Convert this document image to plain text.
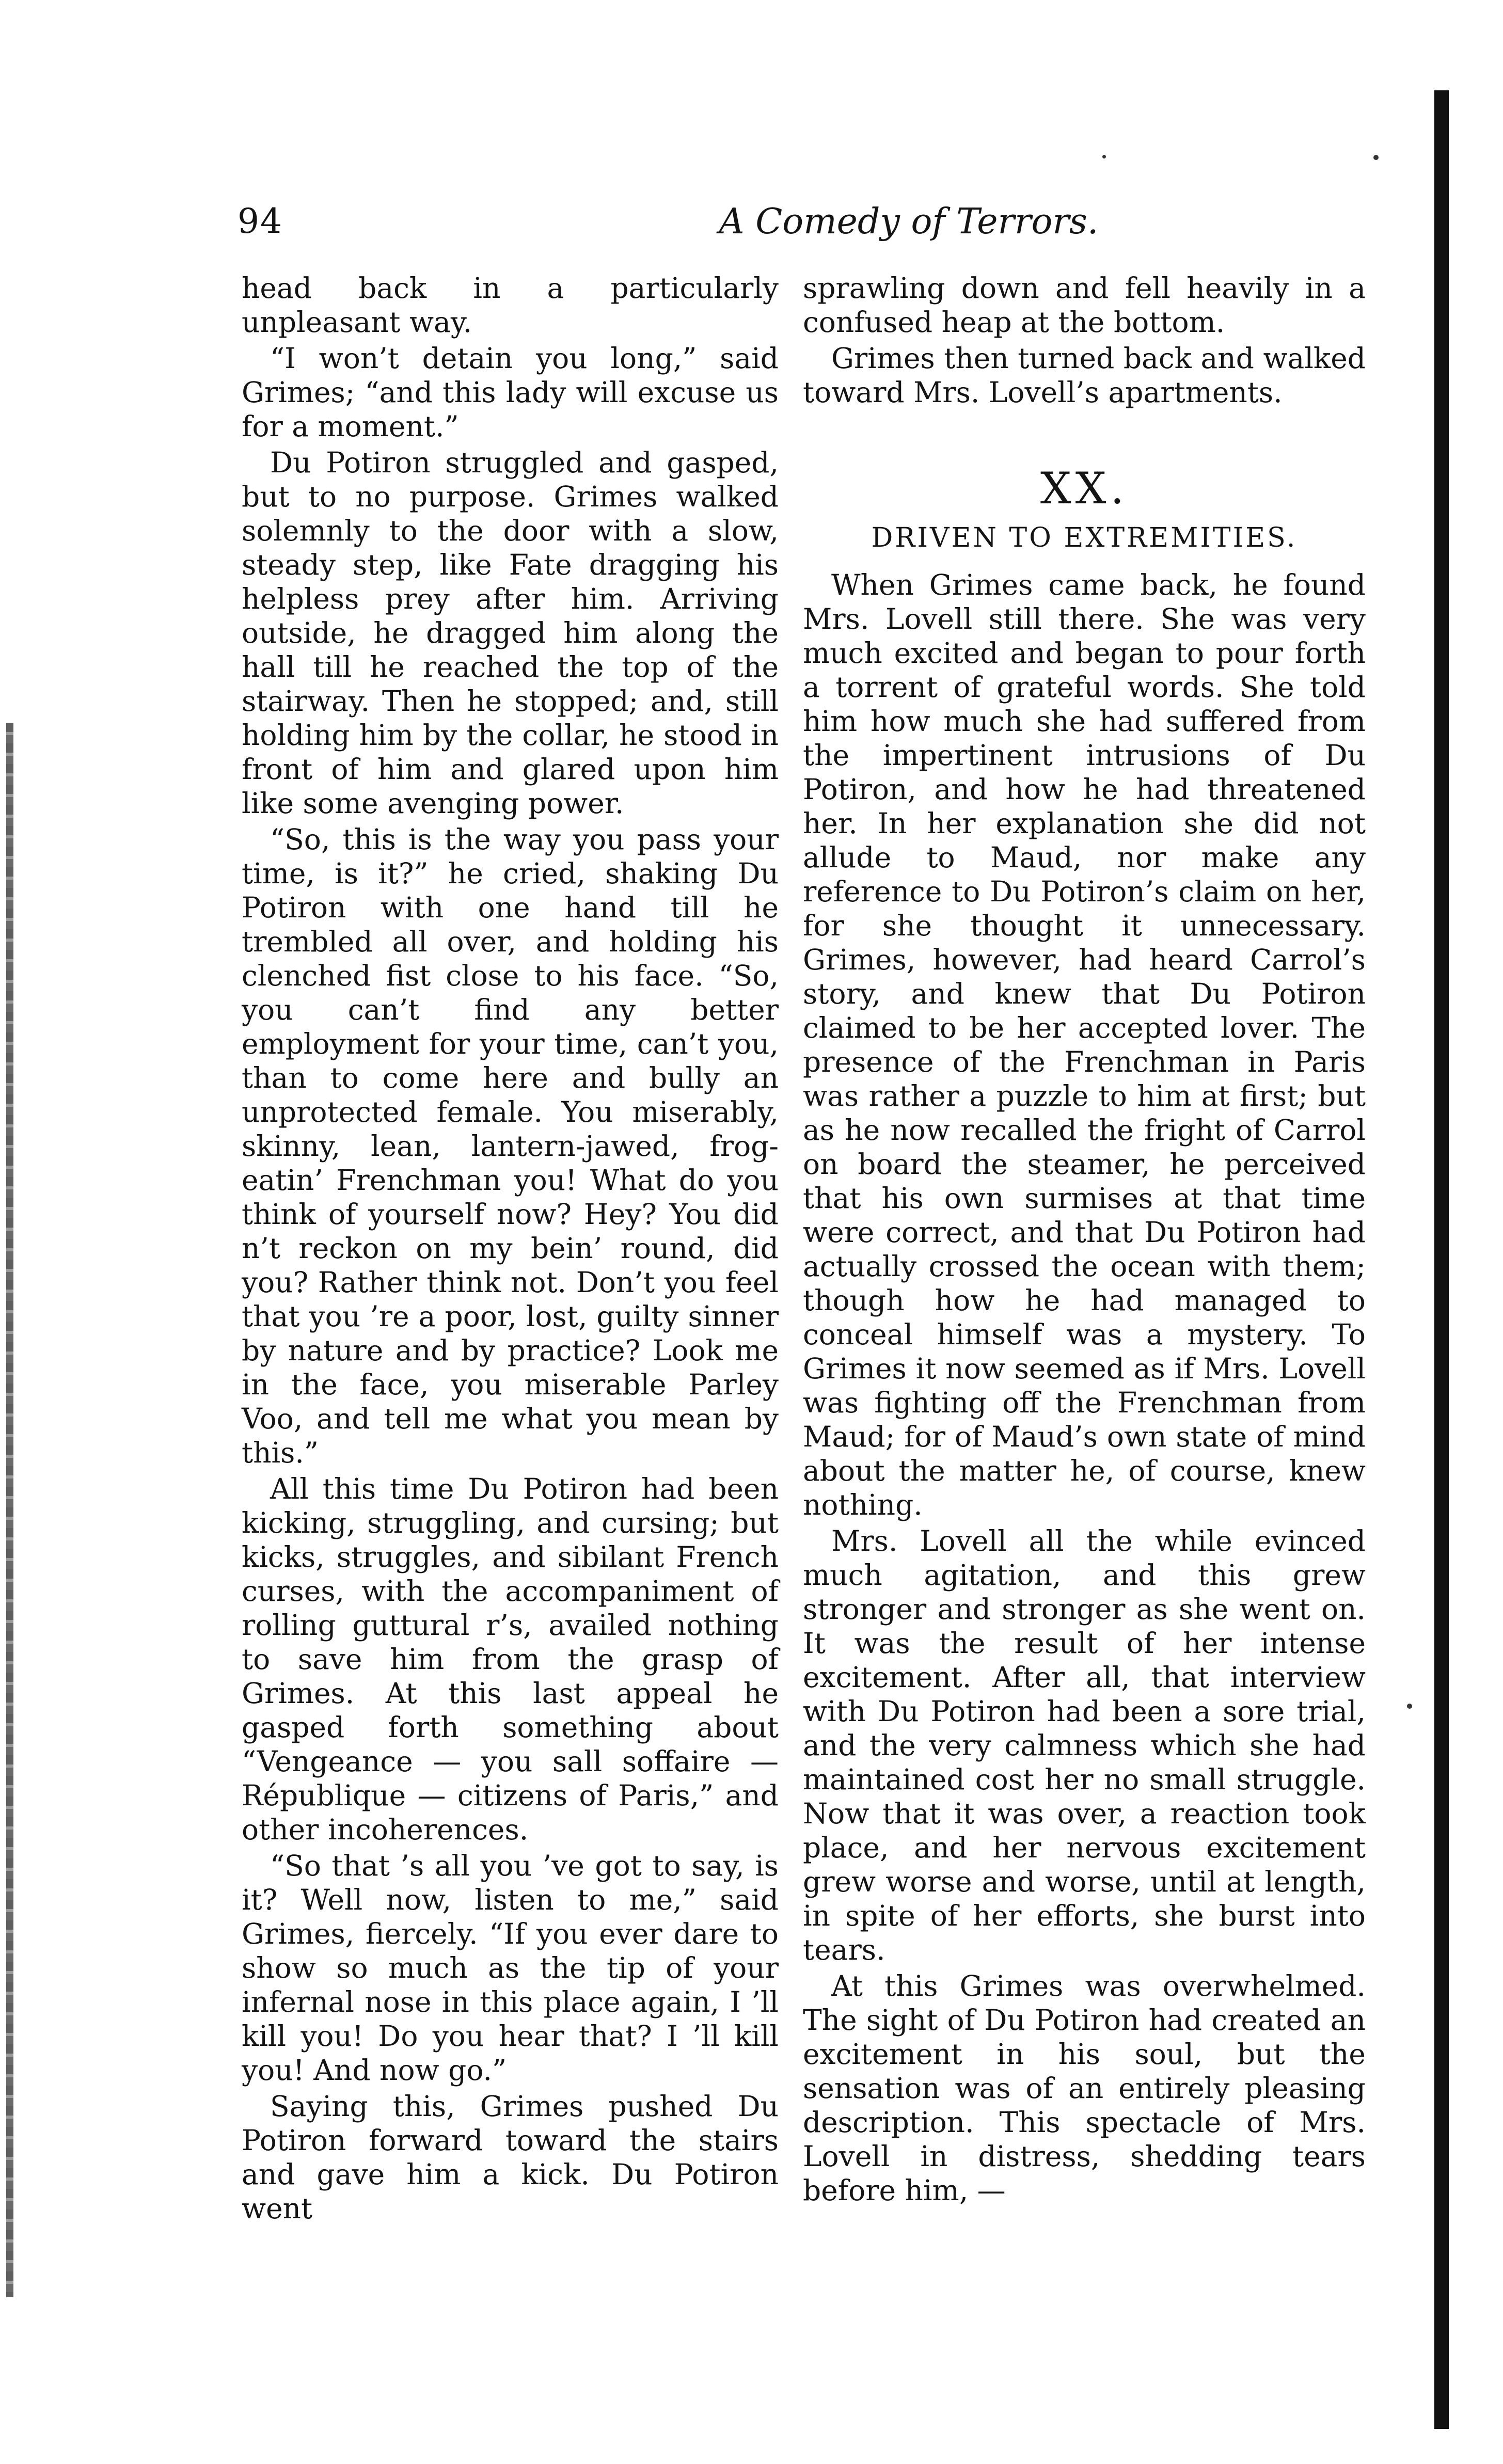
94	A Comedy of Terrors.

head back in a particularly unpleasant way.

“I won’t detain you long,” said Grimes; “and this lady will excuse us for a moment.”

Du Potiron struggled and gasped, but to no purpose. Grimes walked solemnly to the door with a slow, steady step, like Fate dragging his helpless prey after him. Arriving outside, he dragged him along the hall till he reached the top of the stairway. Then he stopped; and, still holding him by the collar, he stood in front of him and glared upon him like some avenging power.

“So, this is the way you pass your time, is it?” he cried, shaking Du Potiron with one hand till he trembled all over, and holding his clenched fist close to his face. “So, you can’t find any better employment for your time, can’t you, than to come here and bully an unprotected female. You miserably, skinny, lean, lantern-jawed, frog-eatin’ Frenchman you! What do you think of yourself now? Hey? You did n’t reckon on my bein’ round, did you? Rather think not. Don’t you feel that you ’re a poor, lost, guilty sinner by nature and by practice? Look me in the face, you miserable Parley Voo, and tell me what you mean by this.”

All this time Du Potiron had been kicking, struggling, and cursing; but kicks, struggles, and sibilant French curses, with the accompaniment of rolling guttural r’s, availed nothing to save him from the grasp of Grimes. At this last appeal he gasped forth something about “Vengeance — you sall soffaire — République — citizens of Paris,” and other incoherences.

“So that ’s all you ’ve got to say, is it? Well now, listen to me,” said Grimes, fiercely. “If you ever dare to show so much as the tip of your infernal nose in this place again, I ’ll kill you! Do you hear that? I ’ll kill you! And now go.”

Saying this, Grimes pushed Du Potiron forward toward the stairs and gave him a kick. Du Potiron went

sprawling down and fell heavily in a confused heap at the bottom.

Grimes then turned back and walked toward Mrs. Lovell’s apartments.

XX.
DRIVEN TO EXTREMITIES.

When Grimes came back, he found Mrs. Lovell still there. She was very much excited and began to pour forth a torrent of grateful words. She told him how much she had suffered from the impertinent intrusions of Du Potiron, and how he had threatened her. In her explanation she did not allude to Maud, nor make any reference to Du Potiron’s claim on her, for she thought it unnecessary. Grimes, however, had heard Carrol’s story, and knew that Du Potiron claimed to be her accepted lover. The presence of the Frenchman in Paris was rather a puzzle to him at first; but as he now recalled the fright of Carrol on board the steamer, he perceived that his own surmises at that time were correct, and that Du Potiron had actually crossed the ocean with them; though how he had managed to conceal himself was a mystery. To Grimes it now seemed as if Mrs. Lovell was fighting off the Frenchman from Maud; for of Maud’s own state of mind about the matter he, of course, knew nothing.

Mrs. Lovell all the while evinced much agitation, and this grew stronger and stronger as she went on. It was the result of her intense excitement. After all, that interview with Du Potiron had been a sore trial, and the very calmness which she had maintained cost her no small struggle. Now that it was over, a reaction took place, and her nervous excitement grew worse and worse, until at length, in spite of her efforts, she burst into tears.

At this Grimes was overwhelmed. The sight of Du Potiron had created an excitement in his soul, but the sensation was of an entirely pleasing description. This spectacle of Mrs. Lovell in distress, shedding tears before him, —
